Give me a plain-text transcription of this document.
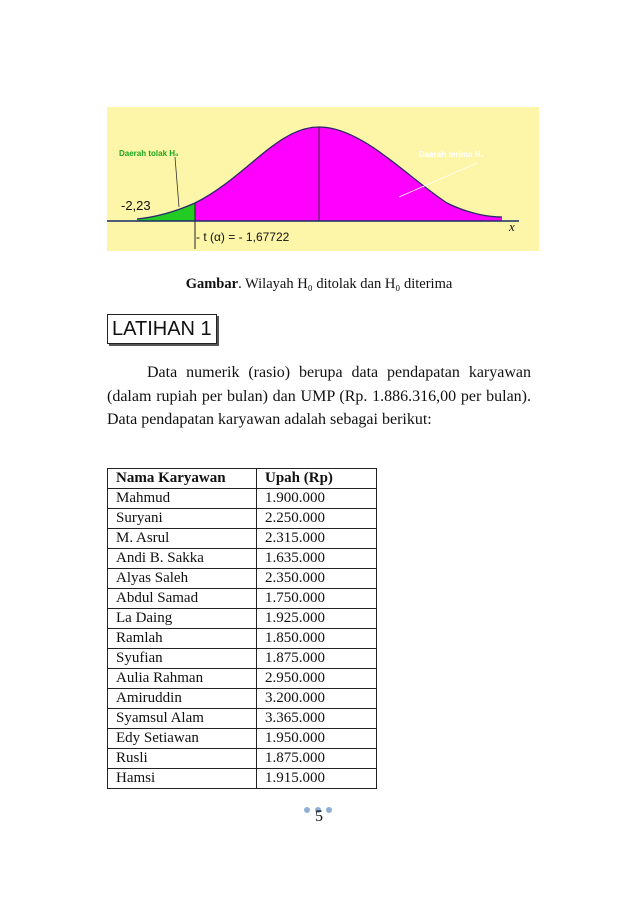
Daerah tolak H₀	Daerah terima H₀
-2,23
- t (α) = - 1,67722
x
Gambar. Wilayah H₀ ditolak dan H₀ diterima
LATIHAN 1
Data numerik (rasio) berupa data pendapatan karyawan (dalam rupiah per bulan) dan UMP (Rp. 1.886.316,00 per bulan). Data pendapatan karyawan adalah sebagai berikut:
Nama Karyawan	Upah (Rp)
Mahmud	1.900.000
Suryani	2.250.000
M. Asrul	2.315.000
Andi B. Sakka	1.635.000
Alyas Saleh	2.350.000
Abdul Samad	1.750.000
La Daing	1.925.000
Ramlah	1.850.000
Syufian	1.875.000
Aulia Rahman	2.950.000
Amiruddin	3.200.000
Syamsul Alam	3.365.000
Edy Setiawan	1.950.000
Rusli	1.875.000
Hamsi	1.915.000
5
